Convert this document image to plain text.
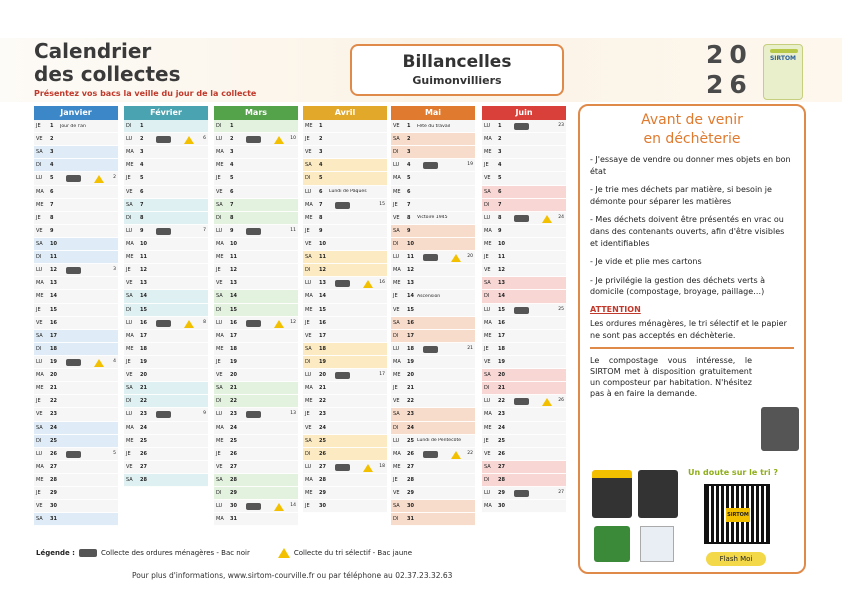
Calendrier
des collectes
Présentez vos bacs la veille du jour de la collecte
Billancelles
Guimonvilliers
20
26
SIRTOM
Janvier
JE	1	Jour de l'an
VE	2
SA	3
DI	4
LU	5	2
MA	6
ME	7
JE	8
VE	9
SA	10
DI	11
LU	12	3
MA	13
ME	14
JE	15
VE	16
SA	17
DI	18
LU	19	4
MA	20
ME	21
JE	22
VE	23
SA	24
DI	25
LU	26	5
MA	27
ME	28
JE	29
VE	30
SA	31
Février
DI	1
LU	2	6
MA	3
ME	4
JE	5
VE	6
SA	7
DI	8
LU	9	7
MA	10
ME	11
JE	12
VE	13
SA	14
DI	15
LU	16	8
MA	17
ME	18
JE	19
VE	20
SA	21
DI	22
LU	23	9
MA	24
ME	25
JE	26
VE	27
SA	28
Mars
DI	1
LU	2	10
MA	3
ME	4
JE	5
VE	6
SA	7
DI	8
LU	9	11
MA	10
ME	11
JE	12
VE	13
SA	14
DI	15
LU	16	12
MA	17
ME	18
JE	19
VE	20
SA	21
DI	22
LU	23	13
MA	24
ME	25
JE	26
VE	27
SA	28
DI	29
LU	30	14
MA	31
Avril
ME	1
JE	2
VE	3
SA	4
DI	5
LU	6	Lundi de Pâques
MA	7	15
ME	8
JE	9
VE	10
SA	11
DI	12
LU	13	16
MA	14
ME	15
JE	16
VE	17
SA	18
DI	19
LU	20	17
MA	21
ME	22
JE	23
VE	24
SA	25
DI	26
LU	27	18
MA	28
ME	29
JE	30
Mai
VE	1	Fête du travail
SA	2
DI	3
LU	4	19
MA	5
ME	6
JE	7
VE	8	Victoire 1945
SA	9
DI	10
LU	11	20
MA	12
ME	13
JE	14 Ascension
VE	15
SA	16
DI	17
LU	18	21
MA	19
ME	20
JE	21
VE	22
SA	23
DI	24
LU	25 Lundi de Pentecôte
MA	26	22
ME	27
JE	28
VE	29
SA	30
DI	31
Juin
LU	1	23
MA	2
ME	3
JE	4
VE	5
SA	6
DI	7
LU	8	24
MA	9
ME	10
JE	11
VE	12
SA	13
DI	14
LU	15	25
MA	16
ME	17
JE	18
VE	19
SA	20
DI	21
LU	22	26
MA	23
ME	24
JE	25
VE	26
SA	27
DI	28
LU	29	27
MA	30
Légende :	Collecte des ordures ménagères - Bac noir	Collecte du tri sélectif - Bac jaune
Pour plus d'informations, www.sirtom-courville.fr ou par téléphone au 02.37.23.32.63
Avant de venir
en déchèterie
- J'essaye de vendre ou donner mes objets en bon état
- Je trie mes déchets par matière, si besoin je démonte pour séparer les matières
- Mes déchets doivent être présentés en vrac ou dans des contenants ouverts, afin d'être visibles et identifiables
- Je vide et plie mes cartons
- Je privilégie la gestion des déchets verts à domicile (compostage, broyage, paillage…)
ATTENTION
Les ordures ménagères, le tri sélectif et le papier ne sont pas acceptés en déchèterie.
Le compostage vous intéresse, le SIRTOM met à disposition gratuitement un composteur par habitation. N'hésitez pas à en faire la demande.
Un doute sur le tri ?
SIRTOM
Flash Moi
